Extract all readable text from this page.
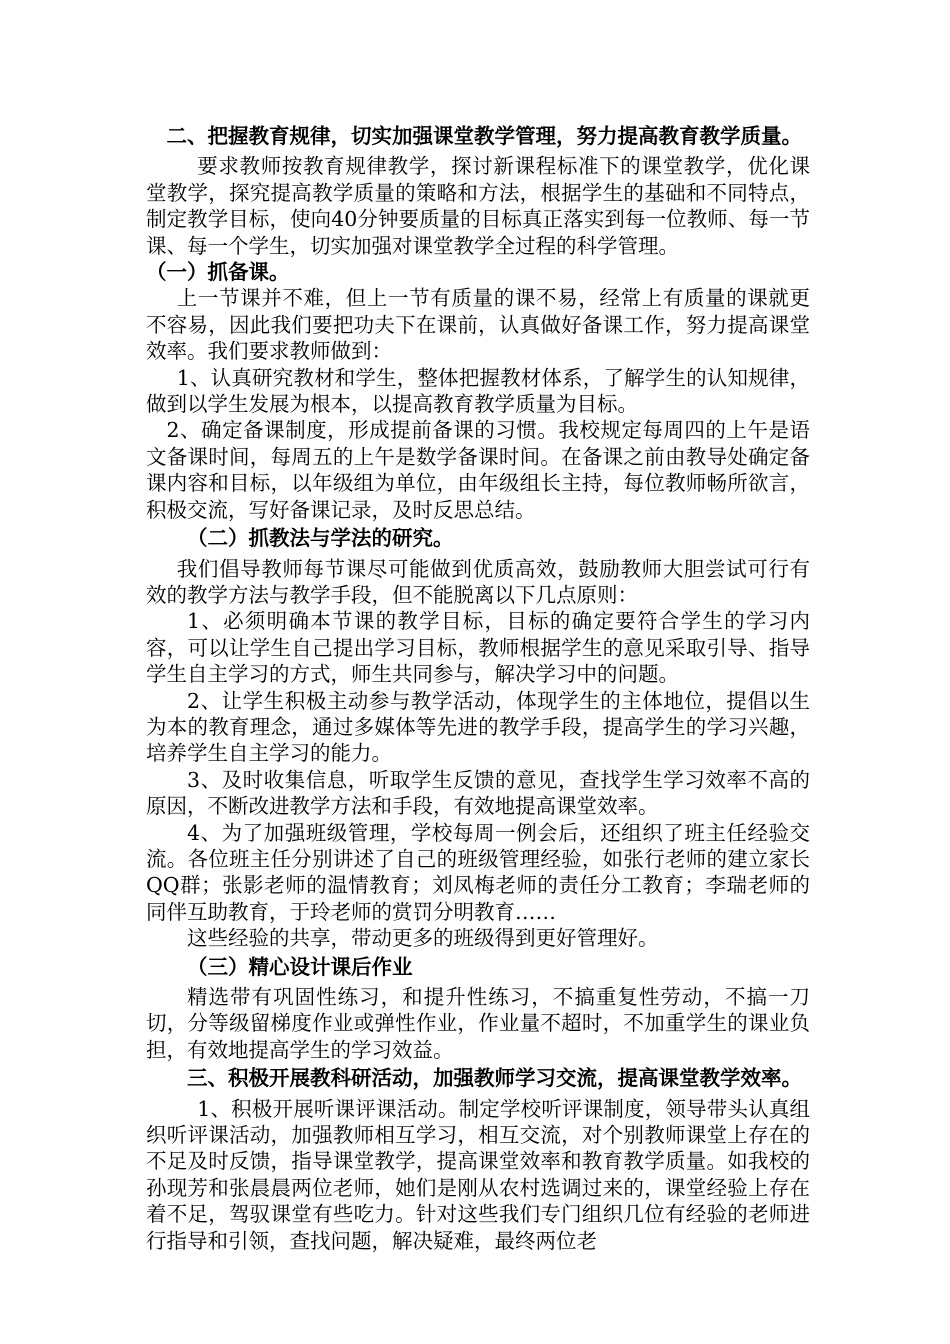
二、把握教育规律，切实加强课堂教学管理，努力提高教育教学质量。

要求教师按教育规律教学，探讨新课程标准下的课堂教学，优化课堂教学，探究提高教学质量的策略和方法，根据学生的基础和不同特点，制定教学目标，使向40分钟要质量的目标真正落实到每一位教师、每一节课、每一个学生，切实加强对课堂教学全过程的科学管理。

（一）抓备课。

上一节课并不难，但上一节有质量的课不易，经常上有质量的课就更不容易，因此我们要把功夫下在课前，认真做好备课工作，努力提高课堂效率。我们要求教师做到：

1、认真研究教材和学生，整体把握教材体系，了解学生的认知规律，做到以学生发展为根本，以提高教育教学质量为目标。

2、确定备课制度，形成提前备课的习惯。我校规定每周四的上午是语文备课时间，每周五的上午是数学备课时间。在备课之前由教导处确定备课内容和目标，以年级组为单位，由年级组长主持，每位教师畅所欲言，积极交流，写好备课记录，及时反思总结。

（二）抓教法与学法的研究。

我们倡导教师每节课尽可能做到优质高效，鼓励教师大胆尝试可行有效的教学方法与教学手段，但不能脱离以下几点原则：

1、必须明确本节课的教学目标，目标的确定要符合学生的学习内容，可以让学生自己提出学习目标，教师根据学生的意见采取引导、指导学生自主学习的方式，师生共同参与，解决学习中的问题。

2、让学生积极主动参与教学活动，体现学生的主体地位，提倡以生为本的教育理念，通过多媒体等先进的教学手段，提高学生的学习兴趣，培养学生自主学习的能力。

3、及时收集信息，听取学生反馈的意见，查找学生学习效率不高的原因，不断改进教学方法和手段，有效地提高课堂效率。

4、为了加强班级管理，学校每周一例会后，还组织了班主任经验交流。各位班主任分别讲述了自己的班级管理经验，如张行老师的建立家长QQ群；张影老师的温情教育；刘凤梅老师的责任分工教育；李瑞老师的同伴互助教育，于玲老师的赏罚分明教育……

这些经验的共享，带动更多的班级得到更好管理好。

（三）精心设计课后作业

精选带有巩固性练习，和提升性练习，不搞重复性劳动，不搞一刀切，分等级留梯度作业或弹性作业，作业量不超时，不加重学生的课业负担，有效地提高学生的学习效益。

三、积极开展教科研活动，加强教师学习交流，提高课堂教学效率。

1、积极开展听课评课活动。制定学校听评课制度，领导带头认真组织听评课活动，加强教师相互学习，相互交流，对个别教师课堂上存在的不足及时反馈，指导课堂教学，提高课堂效率和教育教学质量。如我校的孙现芳和张晨晨两位老师，她们是刚从农村选调过来的，课堂经验上存在着不足，驾驭课堂有些吃力。针对这些我们专门组织几位有经验的老师进行指导和引领，查找问题，解决疑难，最终两位老
